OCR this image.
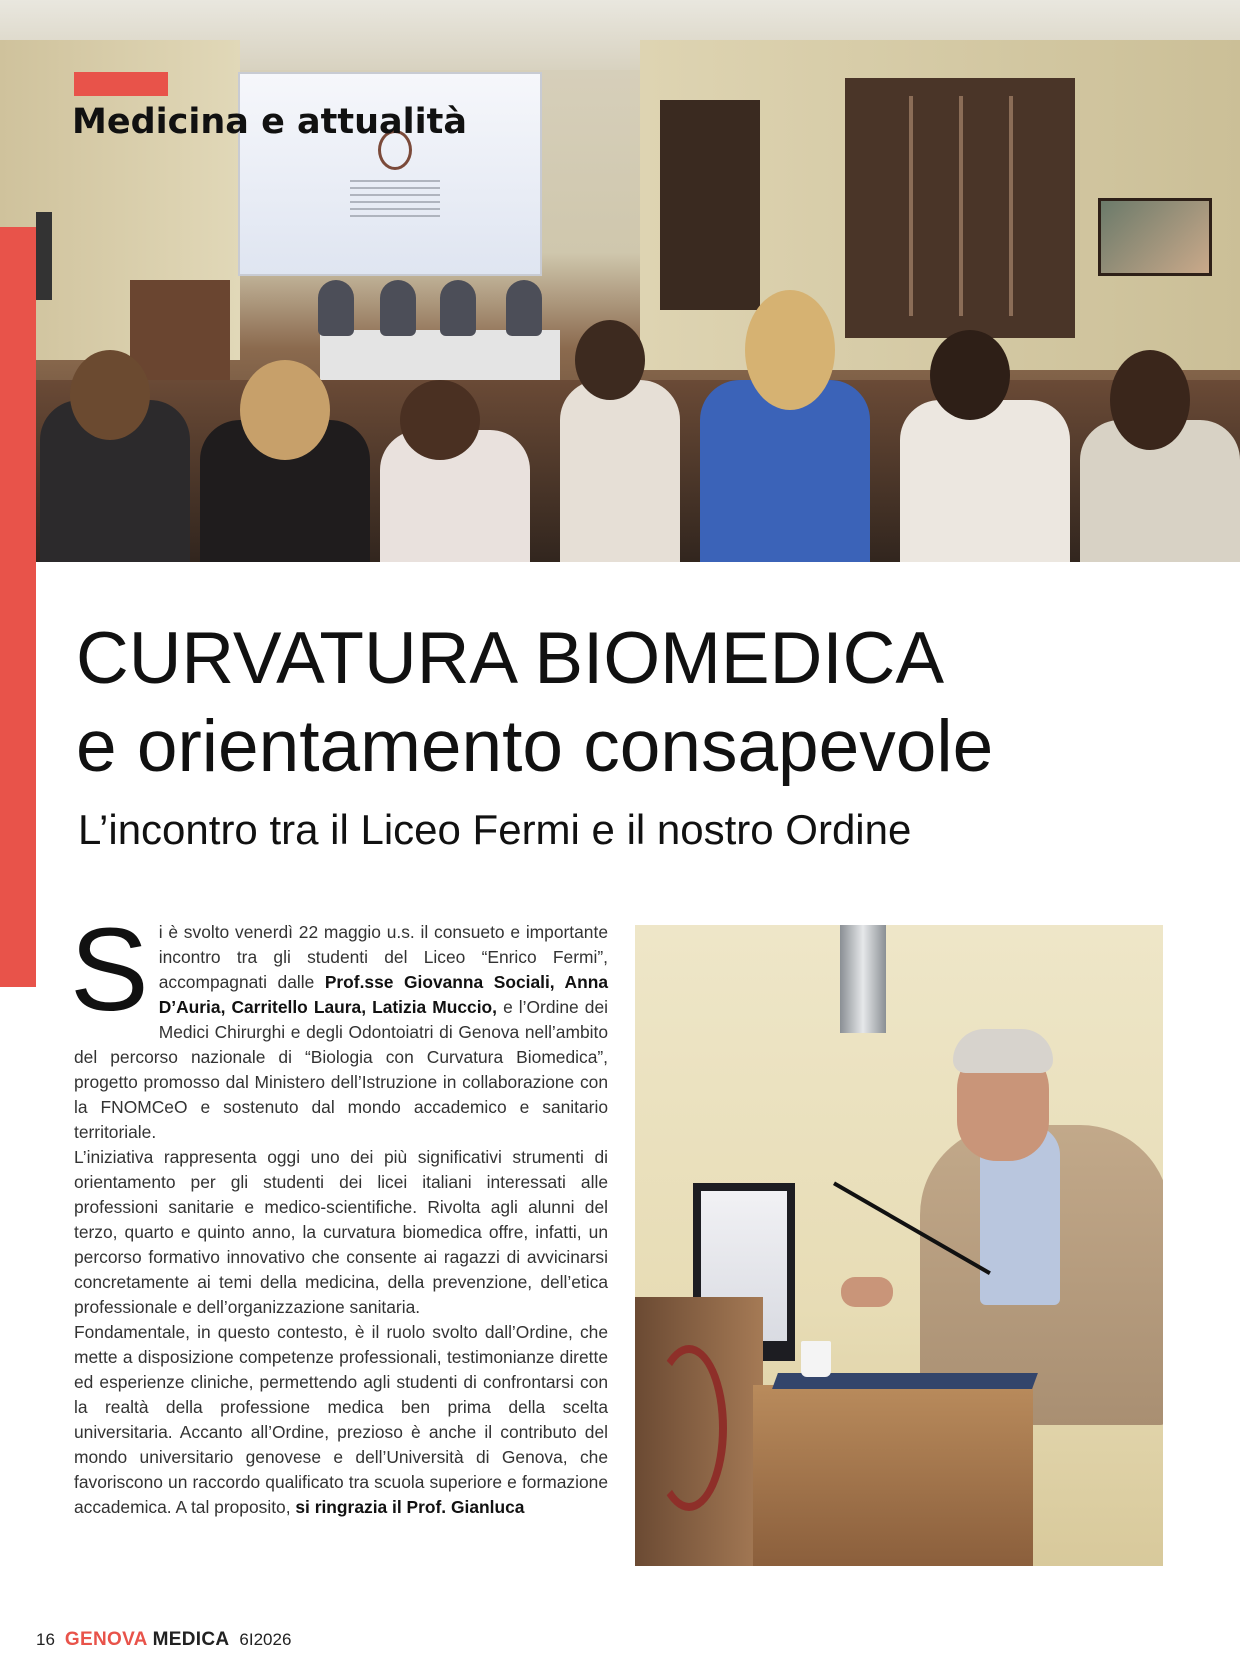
Medicina e attualità
CURVATURA BIOMEDICA
e orientamento consapevole
L’incontro tra il Liceo Fermi e il nostro Ordine

Si è svolto venerdì 22 maggio u.s. il consueto e importante incontro tra gli studenti del Liceo “Enrico Fermi”, accompagnati dalle Prof.sse Giovanna Sociali, Anna D’Auria, Carritello Laura, Latizia Muccio, e l’Ordine dei Medici Chirurghi e degli Odontoiatri di Genova nell’ambito del percorso nazionale di “Biologia con Curvatura Biomedica”, progetto promosso dal Ministero dell’Istruzione in collaborazione con la FNOMCeO e sostenuto dal mondo accademico e sanitario territoriale.

L’iniziativa rappresenta oggi uno dei più significativi strumenti di orientamento per gli studenti dei licei italiani interessati alle professioni sanitarie e medico-scientifiche. Rivolta agli alunni del terzo, quarto e quinto anno, la curvatura biomedica offre, infatti, un percorso formativo innovativo che consente ai ragazzi di avvicinarsi concretamente ai temi della medicina, della prevenzione, dell’etica professionale e dell’organizzazione sanitaria.

Fondamentale, in questo contesto, è il ruolo svolto dall’Ordine, che mette a disposizione competenze professionali, testimonianze dirette ed esperienze cliniche, permettendo agli studenti di confrontarsi con la realtà della professione medica ben prima della scelta universitaria. Accanto all’Ordine, prezioso è anche il contributo del mondo universitario genovese e dell’Università di Genova, che favoriscono un raccordo qualificato tra scuola superiore e formazione accademica. A tal proposito, si ringrazia il Prof. Gianluca

16 GENOVA MEDICA 6I2026
